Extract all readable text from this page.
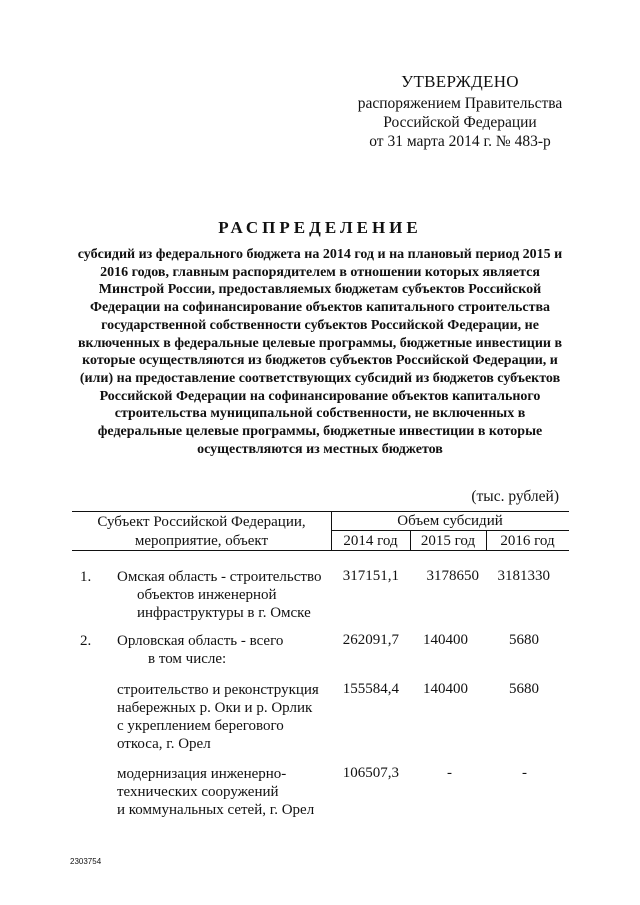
УТВЕРЖДЕНО
распоряжением Правительства
Российской Федерации
от 31 марта 2014 г. № 483-р
РАСПРЕДЕЛЕНИЕ
субсидий из федерального бюджета на 2014 год и на плановый период 2015 и 2016 годов, главным распорядителем в отношении которых является Минстрой России, предоставляемых бюджетам субъектов Российской Федерации на софинансирование объектов капитального строительства государственной собственности субъектов Российской Федерации, не включенных в федеральные целевые программы, бюджетные инвестиции в которые осуществляются из бюджетов субъектов Российской Федерации, и (или) на предоставление соответствующих субсидий из бюджетов субъектов Российской Федерации на софинансирование объектов капитального строительства муниципальной собственности, не включенных в федеральные целевые программы, бюджетные инвестиции в которые осуществляются из местных бюджетов
(тыс. рублей)
Субъект Российской Федерации,
мероприятие, объект
Объем субсидий
2014 год	2015 год	2016 год
1. Омская область - строительство
объектов инженерной
инфраструктуры в г. Омске
317151,1	3178650	3181330
2. Орловская область - всего
в том числе:
262091,7	140400	5680
строительство и реконструкция
набережных р. Оки и р. Орлик
с укреплением берегового
откоса, г. Орел
155584,4	140400	5680
модернизация инженерно-
технических сооружений
и коммунальных сетей, г. Орел
106507,3	-	-
2303754
